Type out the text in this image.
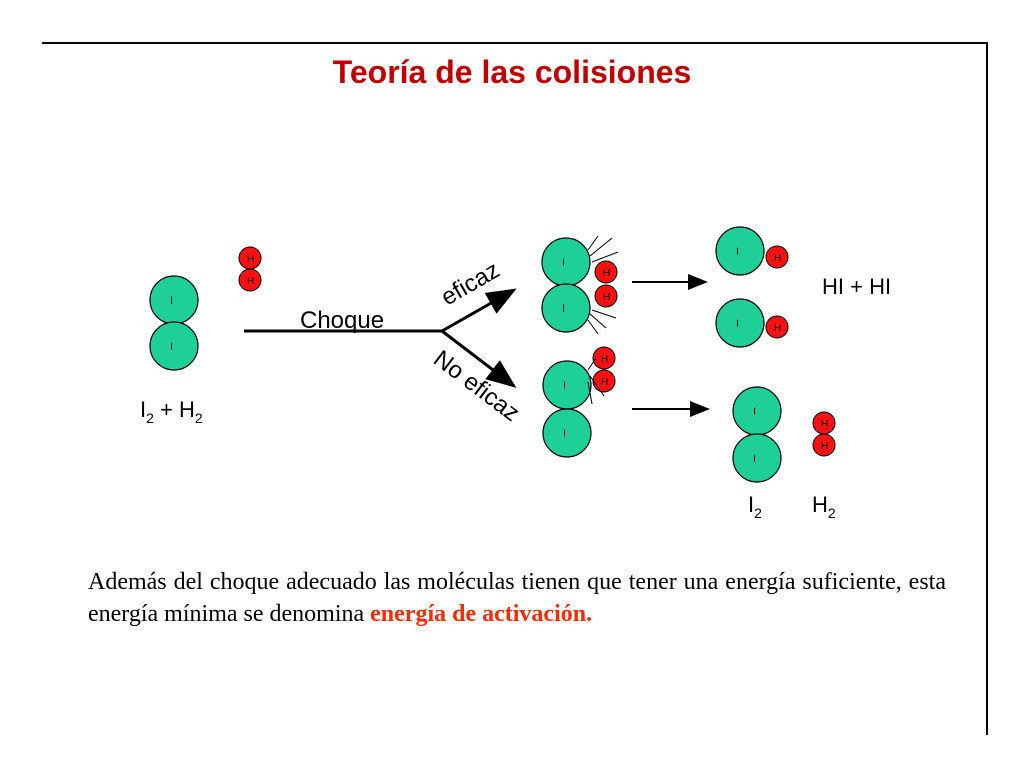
Teoría de las colisiones
I
I
H
H
$I_2 + H_2$
Choque
eficaz
No eficaz
I
I
H
H
I
I
H
H
I
H
I	H
HI + HI
I
I
H
H
$I_2$ $H_2$
Además del choque adecuado las moléculas tienen que tener una energía suficiente, esta energía mínima se denomina energía de activación.
